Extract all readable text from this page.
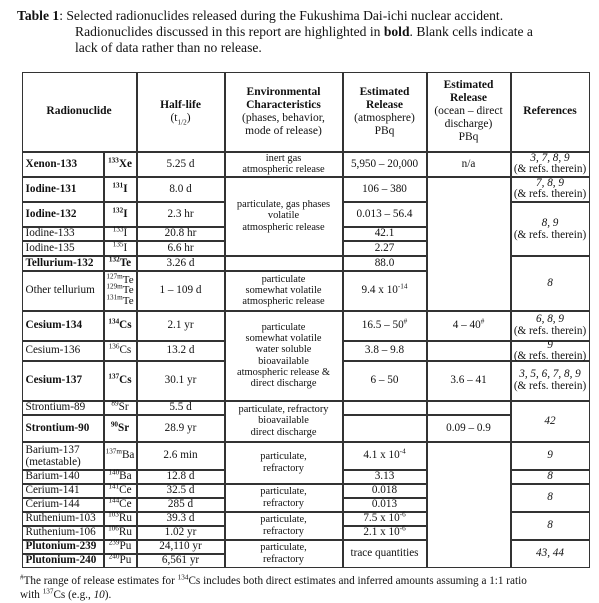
Table 1: Selected radionuclides released during the Fukushima Dai-ichi nuclear accident.
Radionuclides discussed in this report are highlighted in bold. Blank cells indicate a
lack of data rather than no release.
Radionuclide
Half-life
$(t_{1/2})$
Environmental
Characteristics
(phases, behavior,
mode of release)
Estimated
Release
(atmosphere)
PBq
Estimated
Release
(ocean – direct
discharge)
PBq
References
Xenon-133
Iodine-131
Iodine-132
Iodine-133
Iodine-135
Tellurium-132
Other tellurium
Cesium-134
Cesium-136
Cesium-137
Strontium-89
Strontium-90
Barium-137
(metastable)
Barium-140
Cerium-141
Cerium-144
Ruthenium-103
Ruthenium-106
Plutonium-239
Plutonium-240
$^{133}$Xe
$^{131}$I
$^{132}$I
$^{133}$I
$^{135}$I
$^{132}$Te
$^{127m}$Te
$^{129m}$Te
$^{131m}$Te
$^{134}$Cs
$^{136}$Cs
$^{137}$Cs
$^{89}$Sr
$^{90}$Sr
$^{137m}$Ba
$^{140}$Ba
$^{141}$Ce
$^{144}$Ce
$^{103}$Ru
$^{106}$Ru
$^{239}$Pu
$^{240}$Pu
5.25 d
8.0 d
2.3 hr
20.8 hr
6.6 hr
3.26 d
1 – 109 d
2.1 yr
13.2 d
30.1 yr
5.5 d
28.9 yr
2.6 min
12.8 d
32.5 d
285 d
39.3 d
1.02 yr
24,110 yr
6,561 yr
inert gas
atmospheric release
particulate, gas phases
volatile
atmospheric release
particulate
somewhat volatile
atmospheric release
particulate
somewhat volatile
water soluble
bioavailable
atmospheric release &
direct discharge
particulate, refractory
bioavailable
direct discharge
particulate,
refractory
particulate,
refractory
particulate,
refractory
particulate,
refractory
5,950 – 20,000
106 – 380
0.013 – 56.4
42.1
2.27
88.0
9.4 x $10^{-14}$
16.5 – 50#
3.8 – 9.8
6 – 50
4.1 x $10^{-4}$
3.13
0.018
0.013
7.5 x $10^{-6}$
2.1 x $10^{-6}$
trace quantities
n/a
4 – 40#
3.6 – 41
0.09 – 0.9
3, 7, 8, 9
(& refs. therein)
7, 8, 9
(& refs. therein)
8, 9
(& refs. therein)
8
6, 8, 9
(& refs. therein)
9
(& refs. therein)
3, 5, 6, 7, 8, 9
(& refs. therein)
42
9
8
8
8
43, 44
#The range of release estimates for $^{134}$Cs includes both direct estimates and inferred amounts assuming a 1:1 ratio
with $^{137}$Cs (e.g., 10).
